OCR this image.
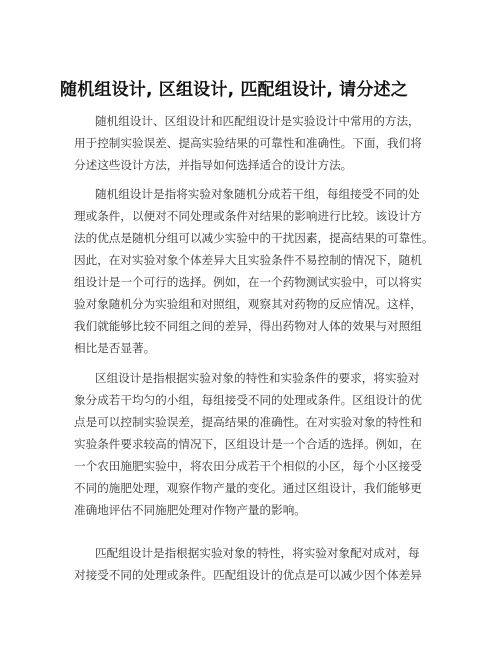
随机组设计, 区组设计, 匹配组设计, 请分述之
随机组设计、区组设计和匹配组设计是实验设计中常用的方法，
用于控制实验误差、提高实验结果的可靠性和准确性。下面，我们将
分述这些设计方法，并指导如何选择适合的设计方法。
随机组设计是指将实验对象随机分成若干组，每组接受不同的处
理或条件，以便对不同处理或条件对结果的影响进行比较。该设计方
法的优点是随机分组可以减少实验中的干扰因素，提高结果的可靠性。
因此，在对实验对象个体差异大且实验条件不易控制的情况下，随机
组设计是一个可行的选择。例如，在一个药物测试实验中，可以将实
验对象随机分为实验组和对照组，观察其对药物的反应情况。这样，
我们就能够比较不同组之间的差异，得出药物对人体的效果与对照组
相比是否显著。
区组设计是指根据实验对象的特性和实验条件的要求，将实验对
象分成若干均匀的小组，每组接受不同的处理或条件。区组设计的优
点是可以控制实验误差，提高结果的准确性。在对实验对象的特性和
实验条件要求较高的情况下，区组设计是一个合适的选择。例如，在
一个农田施肥实验中，将农田分成若干个相似的小区，每个小区接受
不同的施肥处理，观察作物产量的变化。通过区组设计，我们能够更
准确地评估不同施肥处理对作物产量的影响。
匹配组设计是指根据实验对象的特性，将实验对象配对成对，每
对接受不同的处理或条件。匹配组设计的优点是可以减少因个体差异
